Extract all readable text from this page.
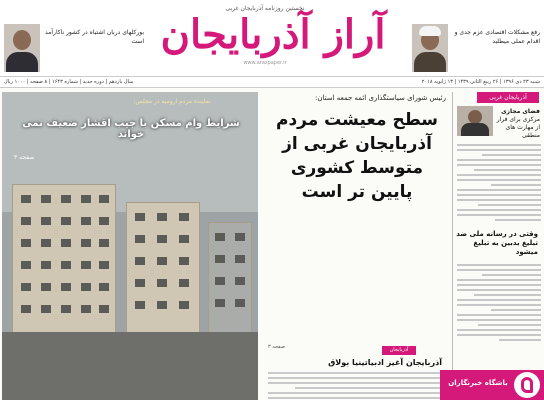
نخستین روزنامه آذربایجان غربی
آراز آذربایجان
www.arazpaper.ir
بورکلهای دربان اشتیاه در کشور ناکارآمد است
رفع مشکلات اقتصادی عزم جدی و اقدام عملی میطلبد
شنبه ۲۳ دی ۱۳۹۶ | ۲۶ ربیع الثانی ۱۴۳۹ | ۱۳ ژانویه ۲۰۱۸
سال یازدهم | دوره جدید | شماره ۱۶۴۳ | ۸ صفحه | ۱۰۰۰ ریال
آذربایجان غربی
فضای مجازی
مرکزی برای فرار از مهارت های منطقی
وقتی در رسانه ملی ضد تبلیغ بدبین به تبلیغ میشود
رئیس شورای سیاستگذاری ائمه جمعه استان:
سطح معیشت مردم آذربایجان غربی از متوسط کشوری پایین تر است
صفحه ۳	آذربایجان
آذربایجان آغیز ادبیاتینیا بولاق
نماینده مردم ارومیه در مجلس:
شرایط وام مسکن با جیب اقشار ضعیف نمی خواند
صفحه ۳
باشگاه خبرنگاران
